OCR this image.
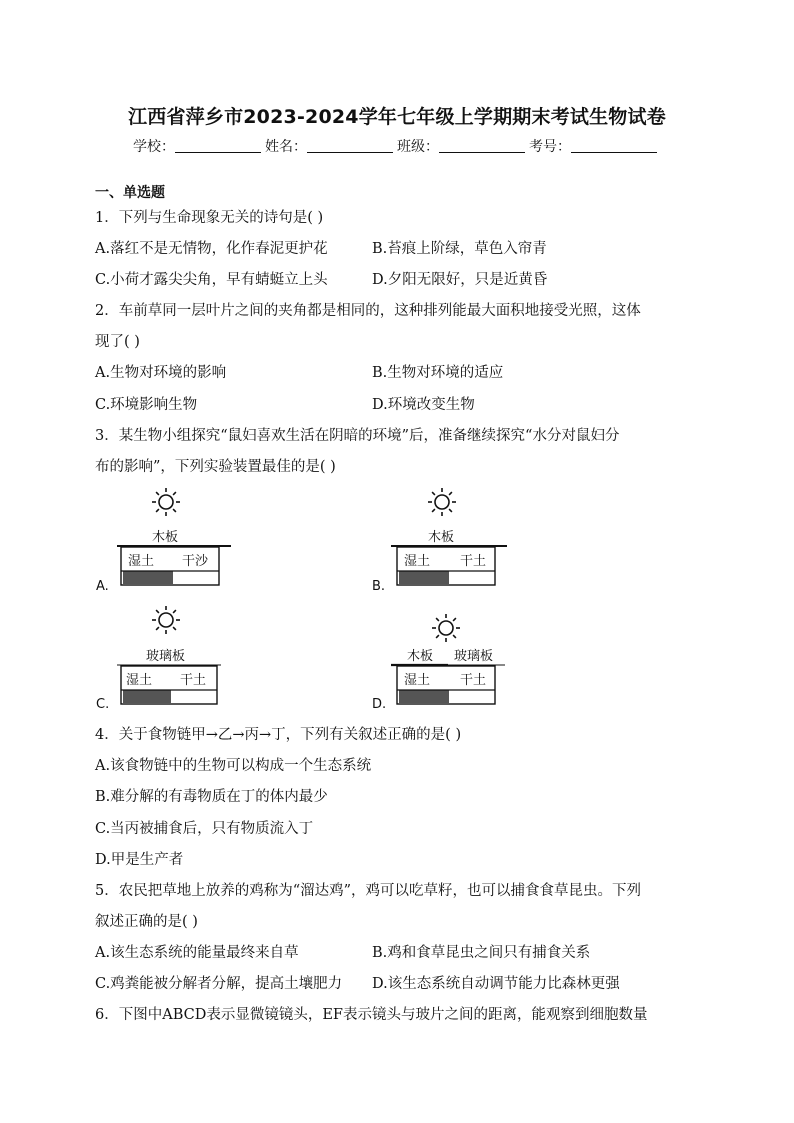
江西省萍乡市2023-2024学年七年级上学期期末考试生物试卷
学校：	姓名：	班级：	考号：
一、单选题
1．下列与生命现象无关的诗句是( )
A.落红不是无情物，化作春泥更护花	B.苔痕上阶绿，草色入帘青
C.小荷才露尖尖角，早有蜻蜓立上头	D.夕阳无限好，只是近黄昏
2．车前草同一层叶片之间的夹角都是相同的，这种排列能最大面积地接受光照，这体
现了( )
A.生物对环境的影响	B.生物对环境的适应
C.环境影响生物	D.环境改变生物
3．某生物小组探究“鼠妇喜欢生活在阴暗的环境”后，准备继续探究“水分对鼠妇分
布的影响”，下列实验装置最佳的是( )
木板
湿土 干沙
A.
木板
湿土 干土
B.
玻璃板
湿土 干土
C.
木板 玻璃板
湿土 干土
D.
4．关于食物链甲→乙→丙→丁，下列有关叙述正确的是( )
A.该食物链中的生物可以构成一个生态系统
B.难分解的有毒物质在丁的体内最少
C.当丙被捕食后，只有物质流入丁
D.甲是生产者
5．农民把草地上放养的鸡称为“溜达鸡”，鸡可以吃草籽，也可以捕食食草昆虫。下列
叙述正确的是( )
A.该生态系统的能量最终来自草	B.鸡和食草昆虫之间只有捕食关系
C.鸡粪能被分解者分解，提高土壤肥力 D.该生态系统自动调节能力比森林更强
6．下图中ABCD表示显微镜镜头，EF表示镜头与玻片之间的距离，能观察到细胞数量
